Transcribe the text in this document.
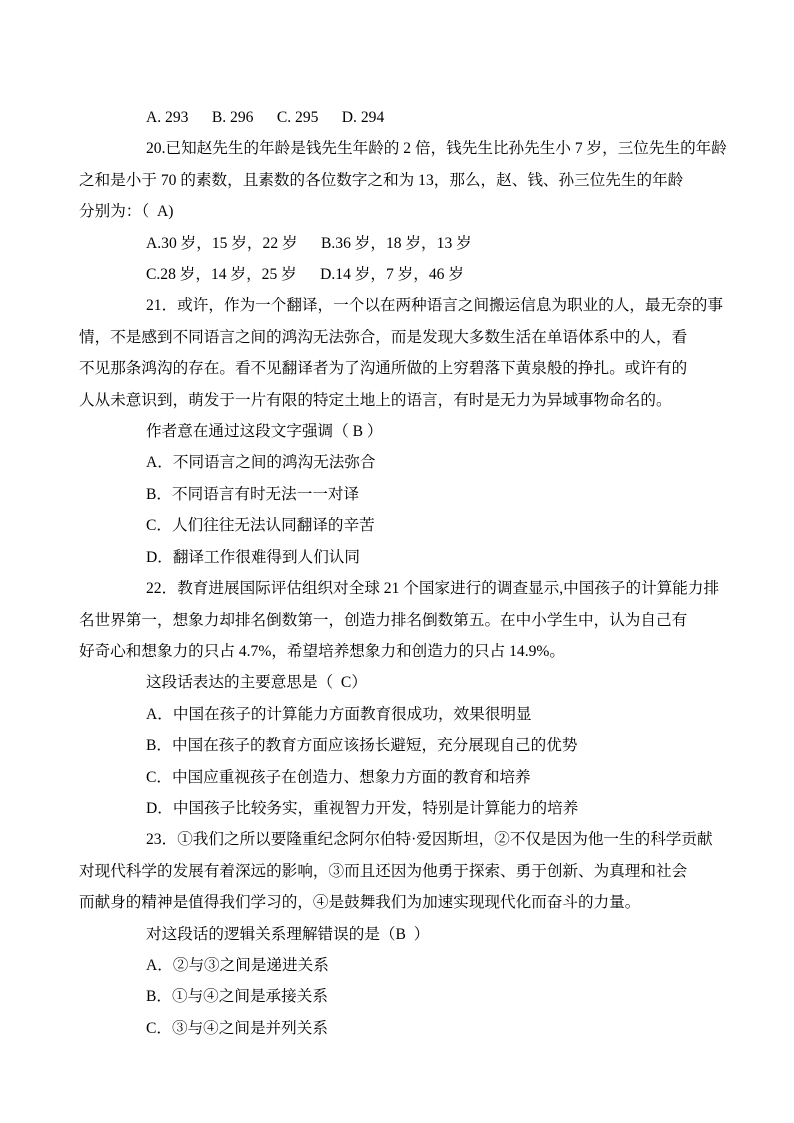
A. 293      B. 296      C. 295      D. 294

20.已知赵先生的年龄是钱先生年龄的 2 倍，钱先生比孙先生小 7 岁，三位先生的年龄

之和是小于 70 的素数，且素数的各位数字之和为 13，那么，赵、钱、孙三位先生的年龄

分别为：（  A)

A.30 岁，15 岁，22 岁      B.36 岁，18 岁，13 岁

C.28 岁，14 岁，25 岁      D.14 岁，7 岁，46 岁

21．或许，作为一个翻译，一个以在两种语言之间搬运信息为职业的人，最无奈的事

情，不是感到不同语言之间的鸿沟无法弥合，而是发现大多数生活在单语体系中的人，看

不见那条鸿沟的存在。看不见翻译者为了沟通所做的上穷碧落下黄泉般的挣扎。或许有的

人从未意识到，萌发于一片有限的特定土地上的语言，有时是无力为异域事物命名的。

作者意在通过这段文字强调（ B ）

A．不同语言之间的鸿沟无法弥合

B．不同语言有时无法一一对译

C．人们往往无法认同翻译的辛苦

D．翻译工作很难得到人们认同

22．教育进展国际评估组织对全球 21 个国家进行的调查显示,中国孩子的计算能力排

名世界第一，想象力却排名倒数第一，创造力排名倒数第五。在中小学生中，认为自己有

好奇心和想象力的只占 4.7%，希望培养想象力和创造力的只占 14.9%。

这段话表达的主要意思是（  C）

A．中国在孩子的计算能力方面教育很成功，效果很明显

B．中国在孩子的教育方面应该扬长避短，充分展现自己的优势

C．中国应重视孩子在创造力、想象力方面的教育和培养

D．中国孩子比较务实，重视智力开发，特别是计算能力的培养

23．①我们之所以要隆重纪念阿尔伯特·爱因斯坦，②不仅是因为他一生的科学贡献

对现代科学的发展有着深远的影响，③而且还因为他勇于探索、勇于创新、为真理和社会

而献身的精神是值得我们学习的，④是鼓舞我们为加速实现现代化而奋斗的力量。

对这段话的逻辑关系理解错误的是（B  ）

A．②与③之间是递进关系

B．①与④之间是承接关系

C．③与④之间是并列关系
